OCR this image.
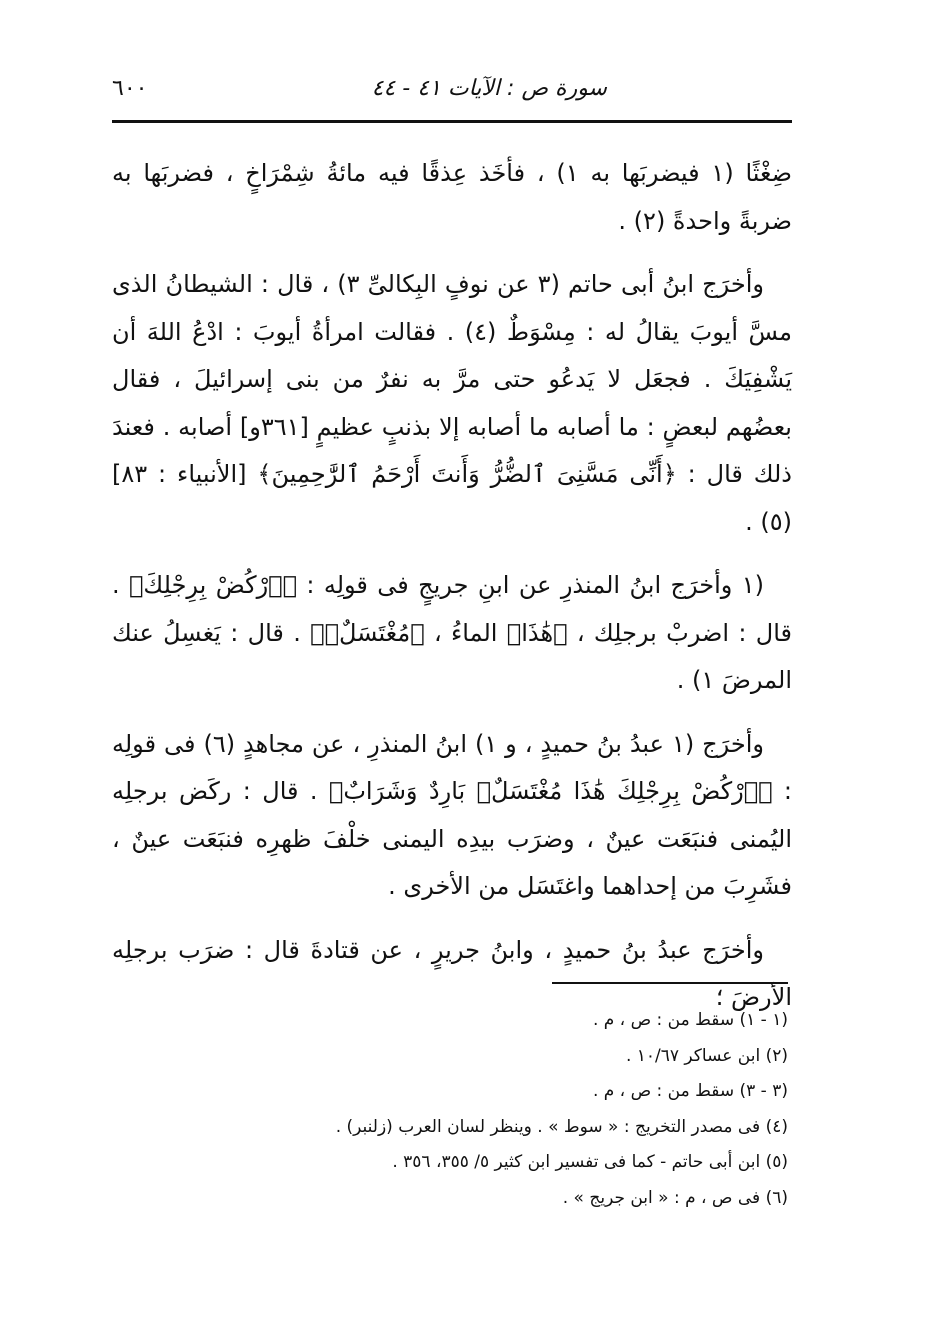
سورة ص : الآيات ٤١ - ٤٤
٦٠٠

ضِغْثًا (١ فيضربَها به ١) ، فأخَذ عِذقًا فيه مائةُ شِمْرَاخٍ ، فضربَها به ضربةً واحدةً (٢) .

وأخرَج ابنُ أبى حاتم (٣ عن نوفٍ البِكالىِّ ٣) ، قال : الشيطانُ الذى مسَّ أيوبَ يقالُ له : مِسْوَطٌ (٤) . فقالت امرأةُ أيوبَ : ادْعُ اللهَ أن يَشْفِيَكَ . فجعَل لا يَدعُو حتى مرَّ به نفرٌ من بنى إسرائيلَ ، فقال بعضُهم لبعضٍ : ما أصابه ما أصابه إلا بذنبٍ عظيمٍ [٣٦١و] أصابه . فعندَ ذلك قال : ﴿أَنِّى مَسَّنِىَ ٱلضُّرُّ وَأَنتَ أَرْحَمُ ٱلرَّٰحِمِينَ﴾ [الأنبياء : ٨٣] (٥) .

(١ وأخرَج ابنُ المنذرِ عن ابنِ جريجٍ فى قولِه : ﴿ٱرْكُضْ بِرِجْلِكَ﴾ . قال : اضربْ برجلِك ، ﴿هَٰذَا﴾ الماءُ ، ﴿مُغْتَسَلٌۢ﴾ . قال : يَغسِلُ عنك المرضَ ١) .

وأخرَج (١ عبدُ بنُ حميدٍ ، و ١) ابنُ المنذرِ ، عن مجاهدٍ (٦) فى قولِه : ﴿ٱرْكُضْ بِرِجْلِكَ هَٰذَا مُغْتَسَلٌۢ بَارِدٌ وَشَرَابٌ﴾ . قال : ركَض برجلِه اليُمنى فنبَعَت عينٌ ، وضرَب بيدِه اليمنى خلْفَ ظهرِه فنبَعَت عينٌ ، فشَرِبَ من إحداهما واغتَسَل من الأخرى .

وأخرَج عبدُ بنُ حميدٍ ، وابنُ جريرٍ ، عن قتادةَ قال : ضرَب برجلِه الأرضَ ؛

(١ - ١) سقط من : ص ، م .

(٢) ابن عساكر ١٠/٦٧ .

(٣ - ٣) سقط من : ص ، م .

(٤) فى مصدر التخريج : « سوط » . وينظر لسان العرب (زلنبر) .

(٥) ابن أبى حاتم - كما فى تفسير ابن كثير ٥/ ٣٥٥، ٣٥٦ .

(٦) فى ص ، م : « ابن جريج » .
